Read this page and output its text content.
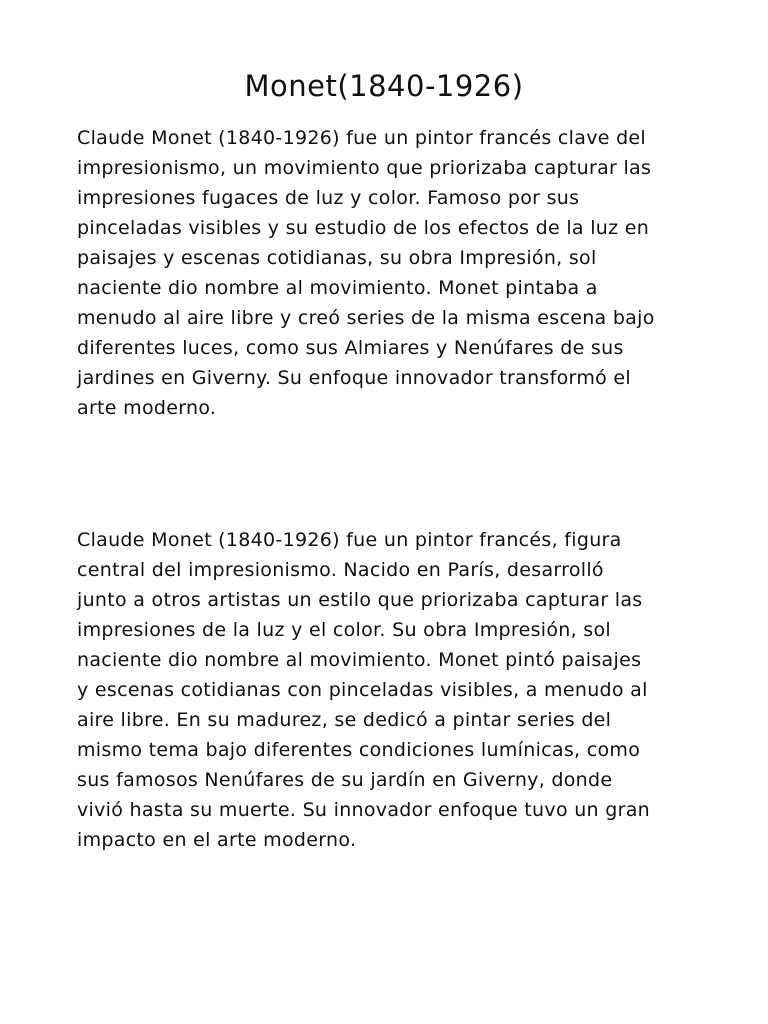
Monet(1840-1926)

Claude Monet (1840-1926) fue un pintor francés clave del
impresionismo, un movimiento que priorizaba capturar las
impresiones fugaces de luz y color. Famoso por sus
pinceladas visibles y su estudio de los efectos de la luz en
paisajes y escenas cotidianas, su obra Impresión, sol
naciente dio nombre al movimiento. Monet pintaba a
menudo al aire libre y creó series de la misma escena bajo
diferentes luces, como sus Almiares y Nenúfares de sus
jardines en Giverny. Su enfoque innovador transformó el
arte moderno.

Claude Monet (1840-1926) fue un pintor francés, figura
central del impresionismo. Nacido en París, desarrolló
junto a otros artistas un estilo que priorizaba capturar las
impresiones de la luz y el color. Su obra Impresión, sol
naciente dio nombre al movimiento. Monet pintó paisajes
y escenas cotidianas con pinceladas visibles, a menudo al
aire libre. En su madurez, se dedicó a pintar series del
mismo tema bajo diferentes condiciones lumínicas, como
sus famosos Nenúfares de su jardín en Giverny, donde
vivió hasta su muerte. Su innovador enfoque tuvo un gran
impacto en el arte moderno.
